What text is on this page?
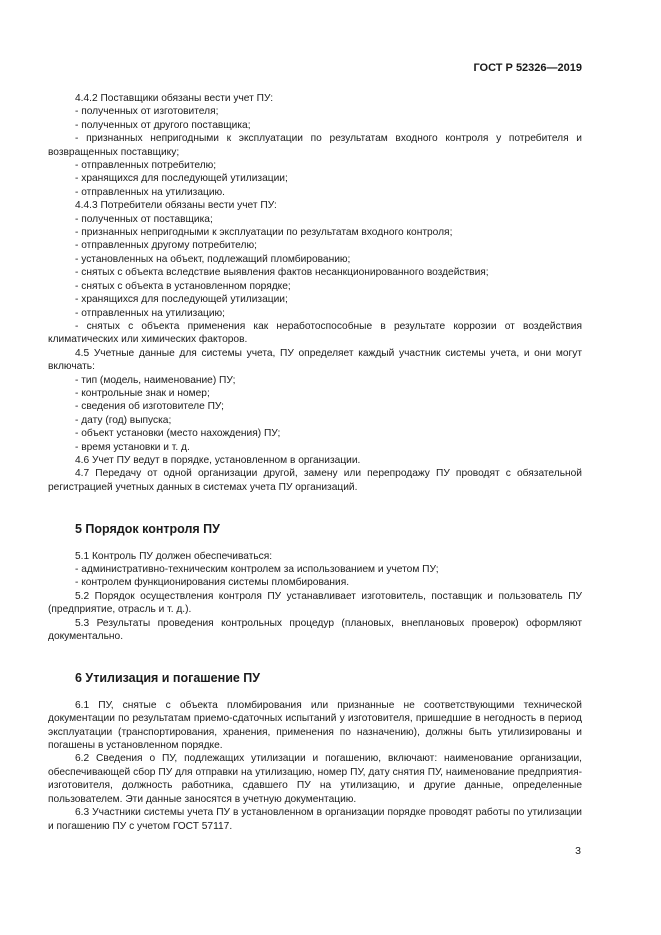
ГОСТ Р 52326—2019

4.4.2 Поставщики обязаны вести учет ПУ:

- полученных от изготовителя;

- полученных от другого поставщика;

- признанных непригодными к эксплуатации по результатам входного контроля у потребителя и возвращенных поставщику;

- отправленных потребителю;

- хранящихся для последующей утилизации;

- отправленных на утилизацию.

4.4.3 Потребители обязаны вести учет ПУ:

- полученных от поставщика;

- признанных непригодными к эксплуатации по результатам входного контроля;

- отправленных другому потребителю;

- установленных на объект, подлежащий пломбированию;

- снятых с объекта вследствие выявления фактов несанкционированного воздействия;

- снятых с объекта в установленном порядке;

- хранящихся для последующей утилизации;

- отправленных на утилизацию;

- снятых с объекта применения как неработоспособные в результате коррозии от воздействия климатических или химических факторов.

4.5 Учетные данные для системы учета, ПУ определяет каждый участник системы учета, и они могут включать:

- тип (модель, наименование) ПУ;

- контрольные знак и номер;

- сведения об изготовителе ПУ;

- дату (год) выпуска;

- объект установки (место нахождения) ПУ;

- время установки и т. д.

4.6 Учет ПУ ведут в порядке, установленном в организации.

4.7 Передачу от одной организации другой, замену или перепродажу ПУ проводят с обязательной регистрацией учетных данных в системах учета ПУ организаций.

5 Порядок контроля ПУ

5.1 Контроль ПУ должен обеспечиваться:

- административно-техническим контролем за использованием и учетом ПУ;

- контролем функционирования системы пломбирования.

5.2 Порядок осуществления контроля ПУ устанавливает изготовитель, поставщик и пользователь ПУ (предприятие, отрасль и т. д.).

5.3 Результаты проведения контрольных процедур (плановых, внеплановых проверок) оформляют документально.

6 Утилизация и погашение ПУ

6.1 ПУ, снятые с объекта пломбирования или признанные не соответствующими технической документации по результатам приемо-сдаточных испытаний у изготовителя, пришедшие в негодность в период эксплуатации (транспортирования, хранения, применения по назначению), должны быть утилизированы и погашены в установленном порядке.

6.2 Сведения о ПУ, подлежащих утилизации и погашению, включают: наименование организации, обеспечивающей сбор ПУ для отправки на утилизацию, номер ПУ, дату снятия ПУ, наименование предприятия-изготовителя, должность работника, сдавшего ПУ на утилизацию, и другие данные, определенные пользователем. Эти данные заносятся в учетную документацию.

6.3 Участники системы учета ПУ в установленном в организации порядке проводят работы по утилизации и погашению ПУ с учетом ГОСТ 57117.

3
